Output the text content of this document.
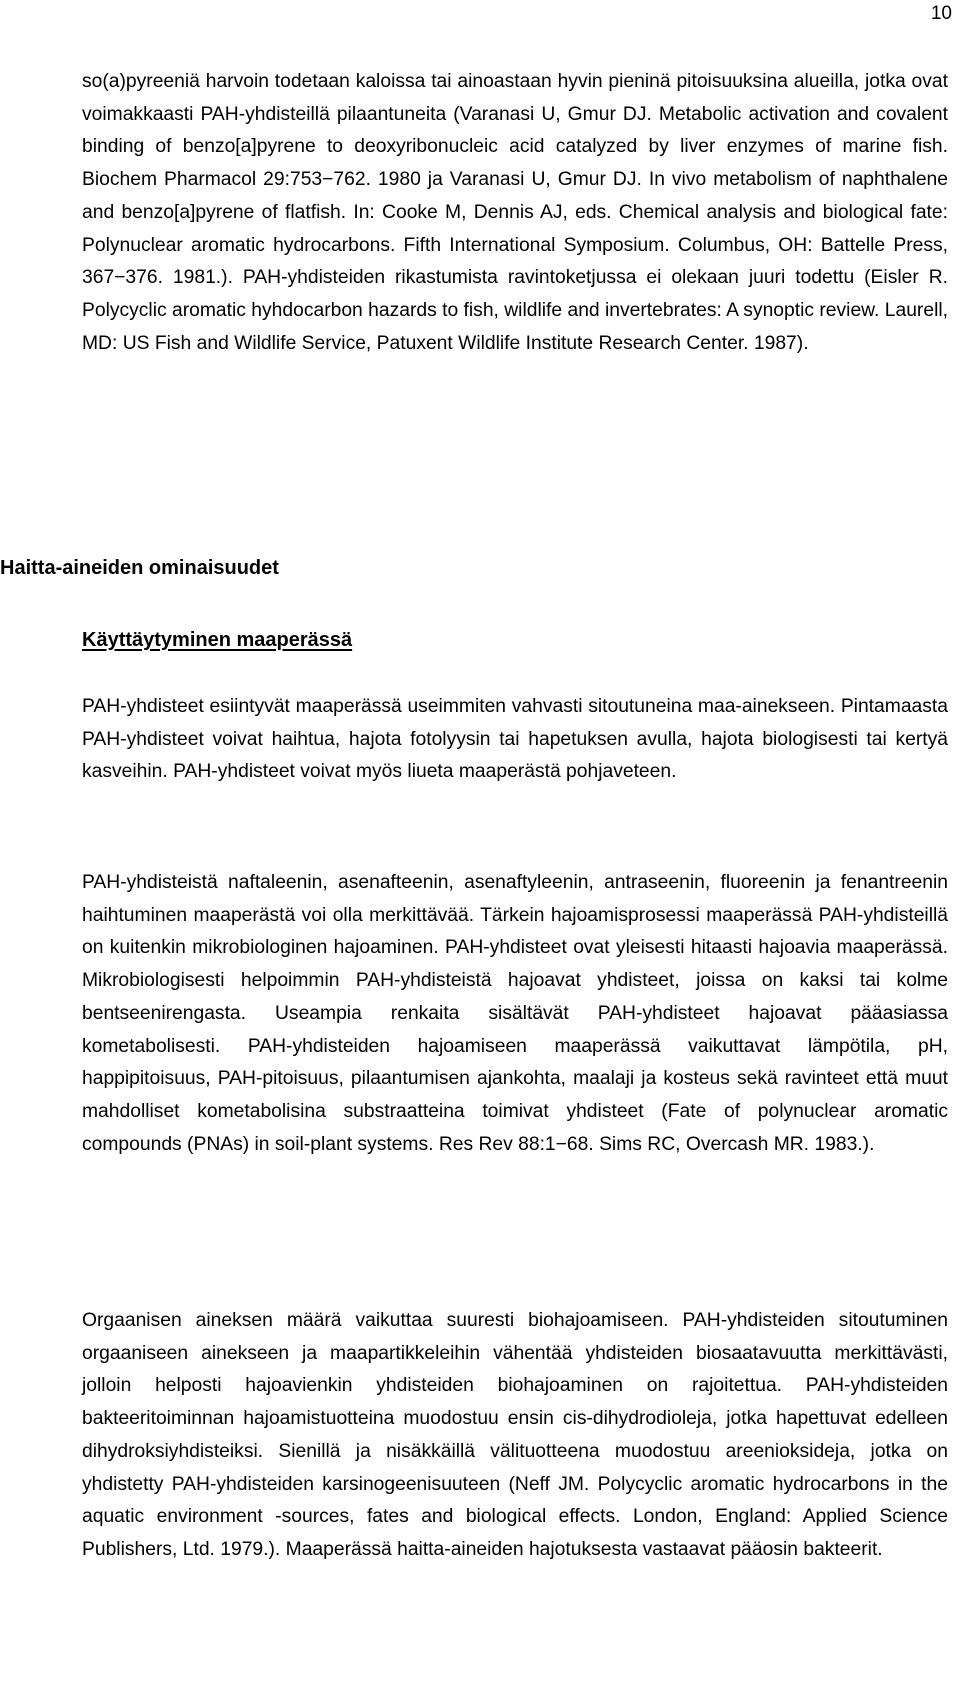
10

so(a)pyreeniä harvoin todetaan kaloissa tai ainoastaan hyvin pieninä pitoisuuksina alueilla, jotka ovat voimakkaasti PAH-yhdisteillä pilaantuneita (Varanasi U, Gmur DJ. Metabolic activation and covalent binding of benzo[a]pyrene to deoxyribonucleic acid catalyzed by liver enzymes of marine fish. Biochem Pharmacol 29:753−762. 1980 ja Varanasi U, Gmur DJ. In vivo metabolism of naphthalene and benzo[a]pyrene of flatfish. In: Cooke M, Dennis AJ, eds. Chemical analysis and biological fate: Polynuclear aromatic hydrocarbons. Fifth International Symposium. Columbus, OH: Battelle Press, 367−376. 1981.). PAH-yhdisteiden rikastumista ravintoketjussa ei olekaan juuri todettu (Eisler R. Polycyclic aromatic hyhdocarbon hazards to fish, wildlife and invertebrates: A synoptic review. Laurell, MD: US Fish and Wildlife Service, Patuxent Wildlife Institute Research Center. 1987).

Haitta-aineiden ominaisuudet
Käyttäytyminen maaperässä

PAH-yhdisteet esiintyvät maaperässä useimmiten vahvasti sitoutuneina maa-ainekseen. Pintamaasta PAH-yhdisteet voivat haihtua, hajota fotolyysin tai hapetuksen avulla, hajota biologisesti tai kertyä kasveihin. PAH-yhdisteet voivat myös liueta maaperästä pohjaveteen.

PAH-yhdisteistä naftaleenin, asenafteenin, asenaftyleenin, antraseenin, fluoreenin ja fenantreenin haihtuminen maaperästä voi olla merkittävää. Tärkein hajoamisprosessi maaperässä PAH-yhdisteillä on kuitenkin mikrobiologinen hajoaminen. PAH-yhdisteet ovat yleisesti hitaasti hajoavia maaperässä. Mikrobiologisesti helpoimmin PAH-yhdisteistä hajoavat yhdisteet, joissa on kaksi tai kolme bentseenirengasta. Useampia renkaita sisältävät PAH-yhdisteet hajoavat pääasiassa kometabolisesti. PAH-yhdisteiden hajoamiseen maaperässä vaikuttavat lämpötila, pH, happipitoisuus, PAH-pitoisuus, pilaantumisen ajankohta, maalaji ja kosteus sekä ravinteet että muut mahdolliset kometabolisina substraatteina toimivat yhdisteet (Fate of polynuclear aromatic compounds (PNAs) in soil-plant systems. Res Rev 88:1−68. Sims RC, Overcash MR. 1983.).

Orgaanisen aineksen määrä vaikuttaa suuresti biohajoamiseen. PAH-yhdisteiden sitoutuminen orgaaniseen ainekseen ja maapartikkeleihin vähentää yhdisteiden biosaatavuutta merkittävästi, jolloin helposti hajoavienkin yhdisteiden biohajoaminen on rajoitettua. PAH-yhdisteiden bakteeritoiminnan hajoamistuotteina muodostuu ensin cis-dihydrodioleja, jotka hapettuvat edelleen dihydroksiyhdisteiksi. Sienillä ja nisäkkäillä välituotteena muodostuu areenioksideja, jotka on yhdistetty PAH-yhdisteiden karsinogeenisuuteen (Neff JM. Polycyclic aromatic hydrocarbons in the aquatic environment -sources, fates and biological effects. London, England: Applied Science Publishers, Ltd. 1979.). Maaperässä haitta-aineiden hajotuksesta vastaavat pääosin bakteerit.
